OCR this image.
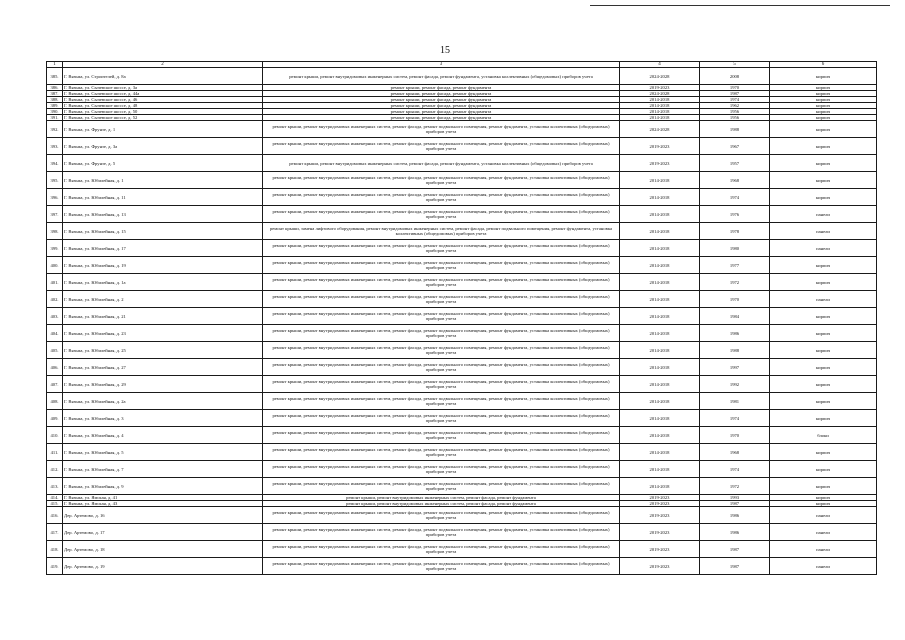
15
1	2	3	4	5	6
385.	Г. Вязьма, ул. Строителей, д. 8а	ремонт крыши, ремонт внутридомовых инженерных систем, ремонт фасада, ремонт фундамента, установка коллективных (общедомовых) приборов учета	2024-2028	2008	кирпич
386.	Г. Вязьма, ул. Сычевское шоссе, д. 3а	ремонт крыши, ремонт фасада, ремонт фундамента	2019-2023	1970	кирпич
387.	Г. Вязьма, ул. Сычевское шоссе, д. 44а	ремонт крыши, ремонт фасада, ремонт фундамента	2024-2028	1987	кирпич
388.	Г. Вязьма, ул. Сычевское шоссе, д. 46	ремонт крыши, ремонт фасада, ремонт фундамента	2014-2018	1974	кирпич
389.	Г. Вязьма, ул. Сычевское шоссе, д. 48	ремонт крыши, ремонт фасада, ремонт фундамента	2014-2018	1962	кирпич
390.	Г. Вязьма, ул. Сычевское шоссе, д. 50	ремонт крыши, ремонт фасада, ремонт фундамента	2014-2018	1956	кирпич
391.	Г. Вязьма, ул. Сычевское шоссе, д. 52	ремонт крыши, ремонт фасада, ремонт фундамента	2014-2018	1956	кирпич
392.	Г. Вязьма, ул. Фрунзе, д. 1	ремонт крыши, ремонт внутридомовых инженерных систем, ремонт фасада, ремонт подвального помещения, ремонт фундамента, установка коллективных (общедомовых) приборов учета	2024-2028	1988	кирпич
393.	Г. Вязьма, ул. Фрунзе, д. 3а	ремонт крыши, ремонт внутридомовых инженерных систем, ремонт фасада, ремонт подвального помещения, ремонт фундамента, установка коллективных (общедомовых) приборов учета	2019-2023	1967	кирпич
394.	Г. Вязьма, ул. Фрунзе, д. 5	ремонт крыши, ремонт внутридомовых инженерных систем, ремонт фасада, ремонт фундамента, установка коллективных (общедомовых) приборов учета	2019-2023	1957	кирпич
395.	Г. Вязьма, ул. Юбилейная, д. 1	ремонт крыши, ремонт внутридомовых инженерных систем, ремонт фасада, ремонт подвального помещения, ремонт фундамента, установка коллективных (общедомовых) приборов учета	2014-2018	1968	кирпич
396.	Г. Вязьма, ул. Юбилейная, д. 11	ремонт крыши, ремонт внутридомовых инженерных систем, ремонт фасада, ремонт подвального помещения, ремонт фундамента, установка коллективных (общедомовых) приборов учета	2014-2018	1974	кирпич
397.	Г. Вязьма, ул. Юбилейная, д. 13	ремонт крыши, ремонт внутридомовых инженерных систем, ремонт фасада, ремонт подвального помещения, ремонт фундамента, установка коллективных (общедомовых) приборов учета	2014-2018	1976	панели
398.	Г. Вязьма, ул. Юбилейная, д. 15	ремонт крыши, замена лифтового оборудования, ремонт внутридомовых инженерных систем, ремонт фасада, ремонт подвального помещения, ремонт фундамента, установка коллективных (общедомовых) приборов учета	2014-2018	1978	панели
399.	Г. Вязьма, ул. Юбилейная, д. 17	ремонт крыши, ремонт внутридомовых инженерных систем, ремонт фасада, ремонт подвального помещения, ремонт фундамента, установка коллективных (общедомовых) приборов учета	2014-2018	1980	панели
400.	Г. Вязьма, ул. Юбилейная, д. 19	ремонт крыши, ремонт внутридомовых инженерных систем, ремонт фасада, ремонт подвального помещения, ремонт фундамента, установка коллективных (общедомовых) приборов учета	2014-2018	1977	кирпич
401.	Г. Вязьма, ул. Юбилейная, д. 1а	ремонт крыши, ремонт внутридомовых инженерных систем, ремонт фасада, ремонт подвального помещения, ремонт фундамента, установка коллективных (общедомовых) приборов учета	2014-2018	1972	кирпич
402.	Г. Вязьма, ул. Юбилейная, д. 2	ремонт крыши, ремонт внутридомовых инженерных систем, ремонт фасада, ремонт подвального помещения, ремонт фундамента, установка коллективных (общедомовых) приборов учета	2014-2018	1970	панели
403.	Г. Вязьма, ул. Юбилейная, д. 21	ремонт крыши, ремонт внутридомовых инженерных систем, ремонт фасада, ремонт подвального помещения, ремонт фундамента, установка коллективных (общедомовых) приборов учета	2014-2018	1984	кирпич
404.	Г. Вязьма, ул. Юбилейная, д. 23	ремонт крыши, ремонт внутридомовых инженерных систем, ремонт фасада, ремонт подвального помещения, ремонт фундамента, установка коллективных (общедомовых) приборов учета	2014-2018	1986	кирпич
405.	Г. Вязьма, ул. Юбилейная, д. 25	ремонт крыши, ремонт внутридомовых инженерных систем, ремонт фасада, ремонт подвального помещения, ремонт фундамента, установка коллективных (общедомовых) приборов учета	2014-2018	1988	кирпич
406.	Г. Вязьма, ул. Юбилейная, д. 27	ремонт крыши, ремонт внутридомовых инженерных систем, ремонт фасада, ремонт подвального помещения, ремонт фундамента, установка коллективных (общедомовых) приборов учета	2014-2018	1997	кирпич
407.	Г. Вязьма, ул. Юбилейная, д. 29	ремонт крыши, ремонт внутридомовых инженерных систем, ремонт фасада, ремонт подвального помещения, ремонт фундамента, установка коллективных (общедомовых) приборов учета	2014-2018	1992	кирпич
408.	Г. Вязьма, ул. Юбилейная, д. 2а	ремонт крыши, ремонт внутридомовых инженерных систем, ремонт фасада, ремонт подвального помещения, ремонт фундамента, установка коллективных (общедомовых) приборов учета	2014-2018	1981	кирпич
409.	Г. Вязьма, ул. Юбилейная, д. 3	ремонт крыши, ремонт внутридомовых инженерных систем, ремонт фасада, ремонт подвального помещения, ремонт фундамента, установка коллективных (общедомовых) приборов учета	2014-2018	1974	кирпич
410.	Г. Вязьма, ул. Юбилейная, д. 4	ремонт крыши, ремонт внутридомовых инженерных систем, ремонт фасада, ремонт подвального помещения, ремонт фундамента, установка коллективных (общедомовых) приборов учета	2014-2018	1970	блоки
411.	Г. Вязьма, ул. Юбилейная, д. 5	ремонт крыши, ремонт внутридомовых инженерных систем, ремонт фасада, ремонт подвального помещения, ремонт фундамента, установка коллективных (общедомовых) приборов учета	2014-2018	1968	кирпич
412.	Г. Вязьма, ул. Юбилейная, д. 7	ремонт крыши, ремонт внутридомовых инженерных систем, ремонт фасада, ремонт подвального помещения, ремонт фундамента, установка коллективных (общедомовых) приборов учета	2014-2018	1974	кирпич
413.	Г. Вязьма, ул. Юбилейная, д. 9	ремонт крыши, ремонт внутридомовых инженерных систем, ремонт фасада, ремонт подвального помещения, ремонт фундамента, установка коллективных (общедомовых) приборов учета	2014-2018	1972	кирпич
414.	Г. Вязьма, ул. Ямская, д. 41	ремонт крыши, ремонт внутридомовых инженерных систем, ремонт фасада, ремонт фундамента	2019-2023	1993	кирпич
415.	Г. Вязьма, ул. Ямская, д. 43	ремонт крыши, ремонт внутридомовых инженерных систем, ремонт фасада, ремонт фундамента	2019-2023	1987	кирпич
416.	Дер. Артемово, д. 16	ремонт крыши, ремонт внутридомовых инженерных систем, ремонт фасада, ремонт подвального помещения, ремонт фундамента, установка коллективных (общедомовых) приборов учета	2019-2023	1986	панели
417.	Дер. Артемово, д. 17	ремонт крыши, ремонт внутридомовых инженерных систем, ремонт фасада, ремонт подвального помещения, ремонт фундамента, установка коллективных (общедомовых) приборов учета	2019-2023	1986	панели
418.	Дер. Артемово, д. 18	ремонт крыши, ремонт внутридомовых инженерных систем, ремонт фасада, ремонт подвального помещения, ремонт фундамента, установка коллективных (общедомовых) приборов учета	2019-2023	1987	панели
419.	Дер. Артемово, д. 19	ремонт крыши, ремонт внутридомовых инженерных систем, ремонт фасада, ремонт подвального помещения, ремонт фундамента, установка коллективных (общедомовых) приборов учета	2019-2023	1987	панели
